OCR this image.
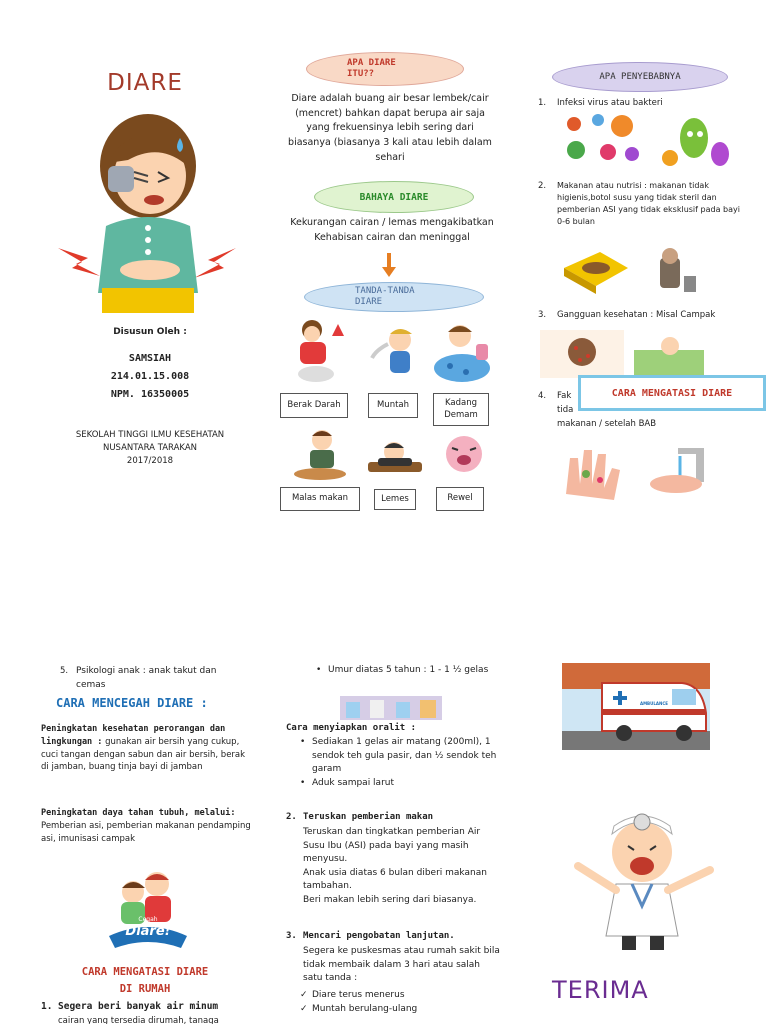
DIARE
Disusun Oleh :
SAMSIAH
214.01.15.008
NPM. 16350005
SEKOLAH TINGGI ILMU KESEHATAN
NUSANTARA TARAKAN
2017/2018
APA DIARE ITU??
Diare adalah buang air besar lembek/cair (mencret) bahkan dapat berupa air saja yang frekuensinya lebih sering dari biasanya (biasanya 3 kali atau lebih dalam sehari
BAHAYA DIARE
Kekurangan cairan / lemas mengakibatkan Kehabisan cairan dan meninggal
TANDA-TANDA DIARE
Berak Darah	Muntah	Kadang Demam
Malas makan	Lemes	Rewel
APA PENYEBABNYA
1. Infeksi virus atau bakteri
2. Makanan atau nutrisi : makanan tidak higienis,botol susu yang tidak steril dan pemberian ASI yang tidak eksklusif pada bayi 0-6 bulan
3. Gangguan kesehatan : Misal Campak
4. Fak
tida
makanan / setelah BAB
CARA MENGATASI DIARE
5. Psikologi anak : anak takut dan cemas
CARA MENCEGAH DIARE :
Peningkatan kesehatan perorangan dan lingkungan : gunakan air bersih yang cukup, cuci tangan dengan sabun dan air bersih, berak di jamban, buang tinja bayi di jamban
Peningkatan daya tahan tubuh, melalui:
Pemberian asi, pemberian makanan pendamping asi, imunisasi campak
Cegah
Diare!
CARA MENGATASI DIARE
DI RUMAH
1. Segera beri banyak air minum
cairan yang tersedia dirumah, tanaga
• Umur diatas 5 tahun : 1 - 1 ½ gelas
Cara menyiapkan oralit :
• Sediakan 1 gelas air matang (200ml), 1 sendok teh gula pasir, dan ½ sendok teh garam
• Aduk sampai larut
2. Teruskan pemberian makan
Teruskan dan tingkatkan pemberian Air Susu Ibu (ASI) pada bayi yang masih menyusu.
Anak usia diatas 6 bulan diberi makanan tambahan.
Beri makan lebih sering dari biasanya.
3. Mencari pengobatan lanjutan.
Segera ke puskesmas atau rumah sakit bila tidak membaik dalam 3 hari atau salah satu tanda :
✓ Diare terus menerus
✓ Muntah berulang-ulang
AMBULANCE
TERIMA
